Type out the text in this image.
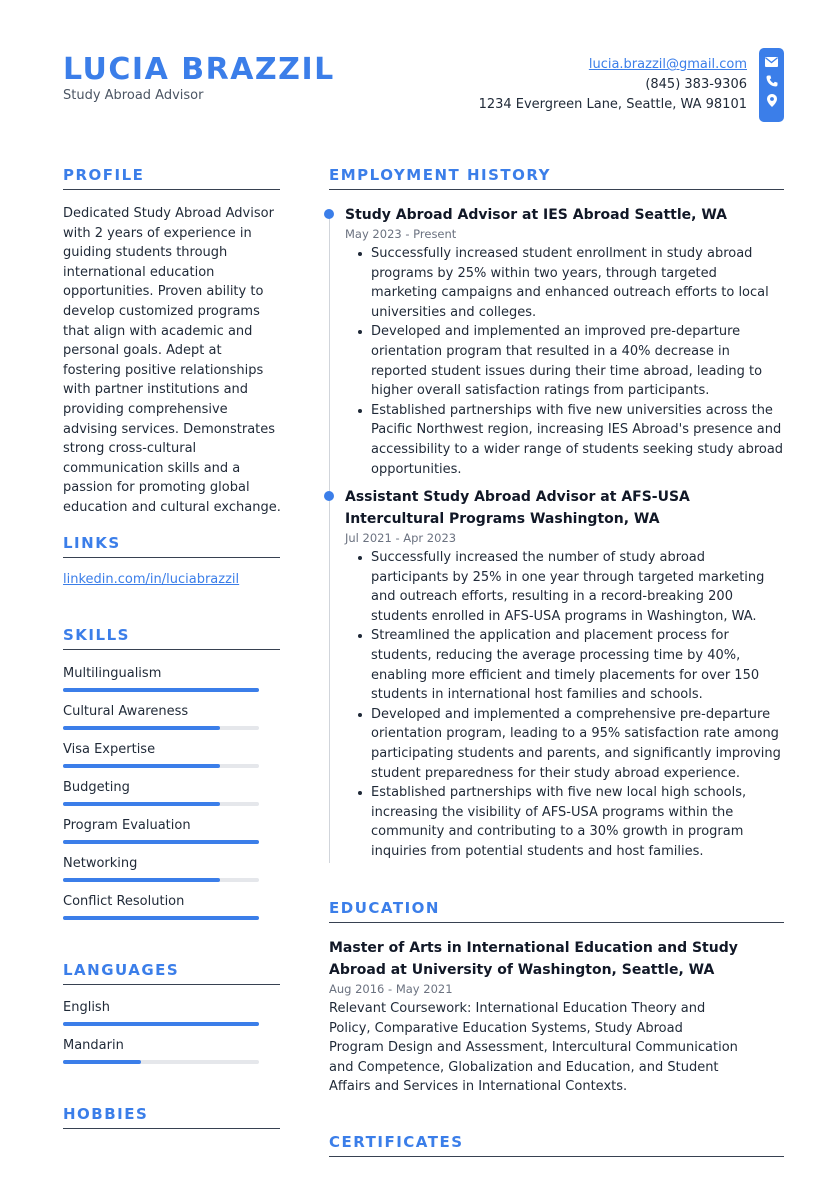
LUCIA BRAZZIL
Study Abroad Advisor
lucia.brazzil@gmail.com
(845) 383-9306
1234 Evergreen Lane, Seattle, WA 98101
PROFILE
Dedicated Study Abroad Advisor with 2 years of experience in guiding students through international education opportunities. Proven ability to develop customized programs that align with academic and personal goals. Adept at fostering positive relationships with partner institutions and providing comprehensive advising services. Demonstrates strong cross-cultural communication skills and a passion for promoting global education and cultural exchange.
LINKS
linkedin.com/in/luciabrazzil
SKILLS
Multilingualism
Cultural Awareness
Visa Expertise
Budgeting
Program Evaluation
Networking
Conflict Resolution
LANGUAGES
English
Mandarin
HOBBIES
EMPLOYMENT HISTORY
Study Abroad Advisor at IES Abroad Seattle, WA
May 2023 - Present
Successfully increased student enrollment in study abroad programs by 25% within two years, through targeted marketing campaigns and enhanced outreach efforts to local universities and colleges.
Developed and implemented an improved pre-departure orientation program that resulted in a 40% decrease in reported student issues during their time abroad, leading to higher overall satisfaction ratings from participants.
Established partnerships with five new universities across the Pacific Northwest region, increasing IES Abroad's presence and accessibility to a wider range of students seeking study abroad opportunities.
Assistant Study Abroad Advisor at AFS-USA Intercultural Programs Washington, WA
Jul 2021 - Apr 2023
Successfully increased the number of study abroad participants by 25% in one year through targeted marketing and outreach efforts, resulting in a record-breaking 200 students enrolled in AFS-USA programs in Washington, WA.
Streamlined the application and placement process for students, reducing the average processing time by 40%, enabling more efficient and timely placements for over 150 students in international host families and schools.
Developed and implemented a comprehensive pre-departure orientation program, leading to a 95% satisfaction rate among participating students and parents, and significantly improving student preparedness for their study abroad experience.
Established partnerships with five new local high schools, increasing the visibility of AFS-USA programs within the community and contributing to a 30% growth in program inquiries from potential students and host families.
EDUCATION
Master of Arts in International Education and Study Abroad at University of Washington, Seattle, WA
Aug 2016 - May 2021

Relevant Coursework: International Education Theory and Policy, Comparative Education Systems, Study Abroad Program Design and Assessment, Intercultural Communication and Competence, Globalization and Education, and Student Affairs and Services in International Contexts.

CERTIFICATES
